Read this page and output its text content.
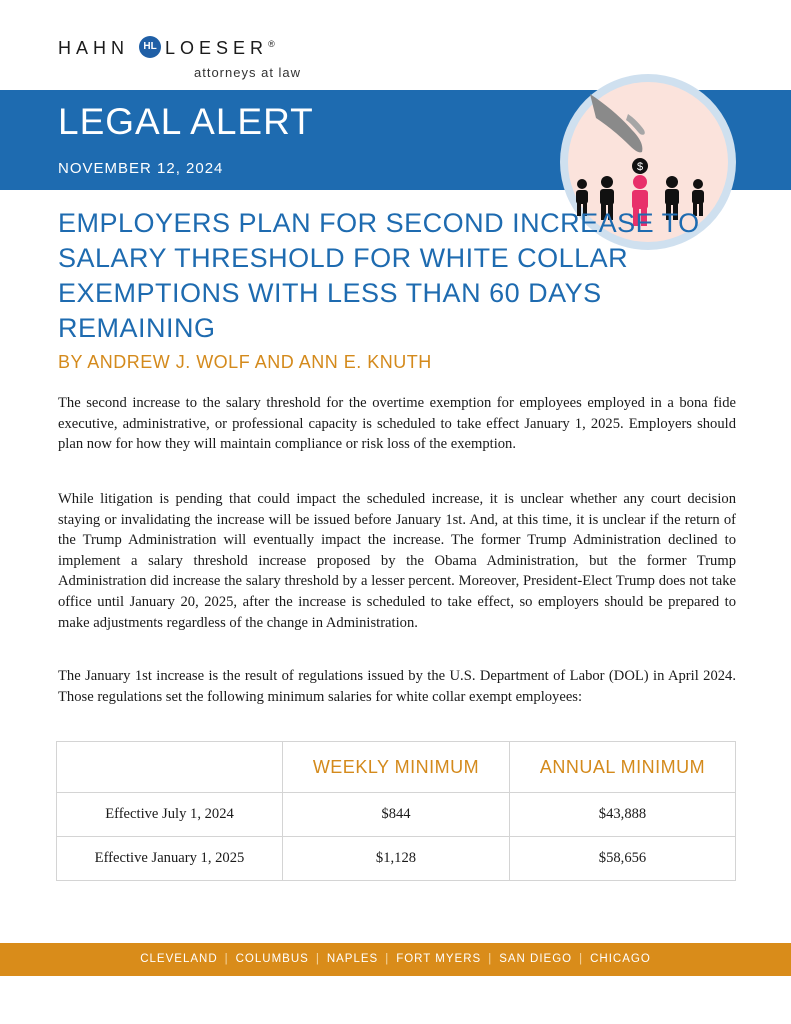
HAHN HL LOESER®
attorneys at law
LEGAL ALERT
NOVEMBER 12, 2024	$
EMPLOYERS PLAN FOR SECOND INCREASE TO SALARY THRESHOLD FOR WHITE COLLAR EXEMPTIONS WITH LESS THAN 60 DAYS REMAINING
BY ANDREW J. WOLF AND ANN E. KNUTH

The second increase to the salary threshold for the overtime exemption for employees employed in a bona fide executive, administrative, or professional capacity is scheduled to take effect January 1, 2025. Employers should plan now for how they will maintain compliance or risk loss of the exemption.

While litigation is pending that could impact the scheduled increase, it is unclear whether any court decision staying or invalidating the increase will be issued before January 1st. And, at this time, it is unclear if the return of the Trump Administration will eventually impact the increase. The former Trump Administration declined to implement a salary threshold increase proposed by the Obama Administration, but the former Trump Administration did increase the salary threshold by a lesser percent. Moreover, President-Elect Trump does not take office until January 20, 2025, after the increase is scheduled to take effect, so employers should be prepared to make adjustments regardless of the change in Administration.

The January 1st increase is the result of regulations issued by the U.S. Department of Labor (DOL) in April 2024. Those regulations set the following minimum salaries for white collar exempt employees:

	WEEKLY MINIMUM	ANNUAL MINIMUM
Effective July 1, 2024	$844	$43,888
Effective January 1, 2025	$1,128	$58,656
CLEVELAND | COLUMBUS | NAPLES | FORT MYERS | SAN DIEGO | CHICAGO
